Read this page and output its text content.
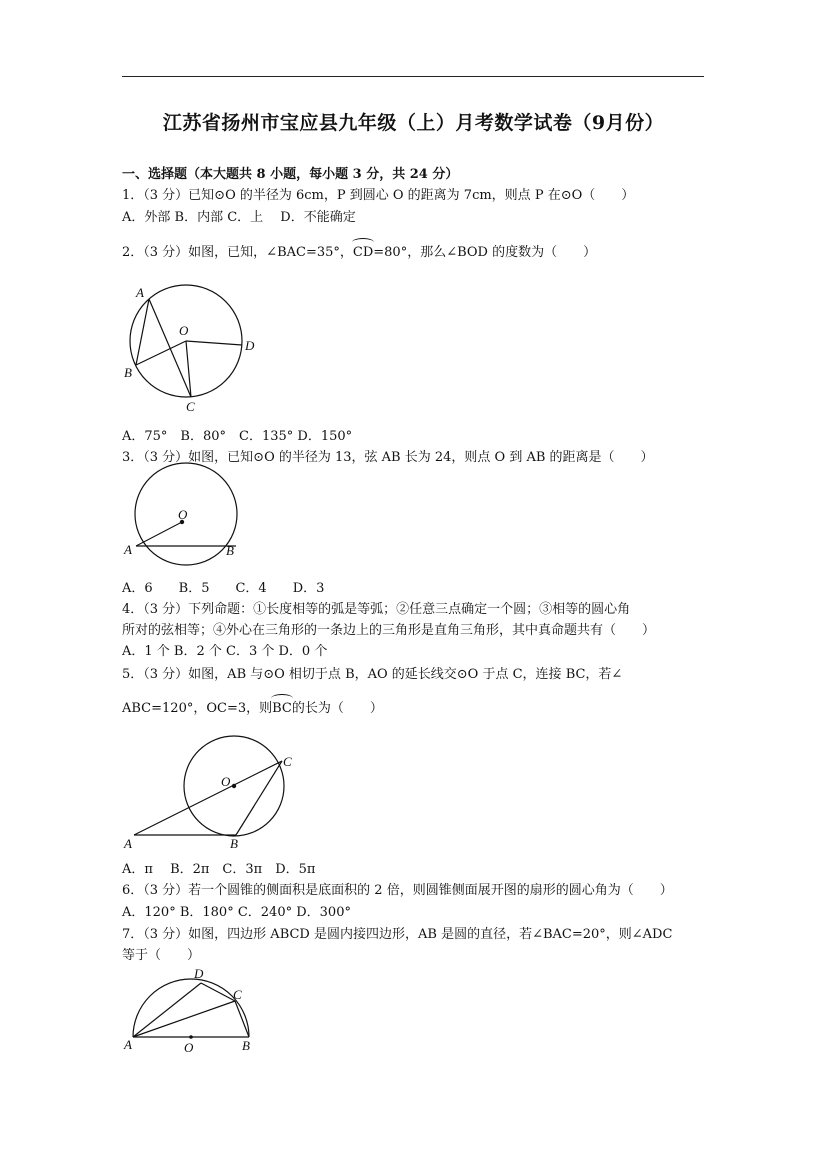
江苏省扬州市宝应县九年级（上）月考数学试卷（9月份）
一、选择题（本大题共 8 小题，每小题 3 分，共 24 分）
1．（3 分）已知⊙O 的半径为 6cm，P 到圆心 O 的距离为 7cm，则点 P 在⊙O（　　）
A．外部 B．内部 C．上　 D．不能确定
2．（3 分）如图，已知，∠BAC=35°，CD=80°，那么∠BOD 的度数为（　　）
A
O
D
B
C
A．75°　B．80°　C．135° D．150°
3．（3 分）如图，已知⊙O 的半径为 13，弦 AB 长为 24，则点 O 到 AB 的距离是（　　）
O
A	B
A．6　　B．5　　C．4　　D．3
4．（3 分）下列命题：①长度相等的弧是等弧；②任意三点确定一个圆；③相等的圆心角
所对的弦相等；④外心在三角形的一条边上的三角形是直角三角形，其中真命题共有（　　）
A．1 个 B．2 个 C．3 个 D．0 个
5．（3 分）如图，AB 与⊙O 相切于点 B，AO 的延长线交⊙O 于点 C，连接 BC，若∠
ABC=120°，OC=3，则BC的长为（　　）
O
C
A	B
A．π　 B．2π　C．3π　D．5π
6．（3 分）若一个圆锥的侧面积是底面积的 2 倍，则圆锥侧面展开图的扇形的圆心角为（　　）
A．120° B．180° C．240° D．300°
7．（3 分）如图，四边形 ABCD 是圆内接四边形，AB 是圆的直径，若∠BAC=20°，则∠ADC
等于（　　）
D
C
A	O	B
